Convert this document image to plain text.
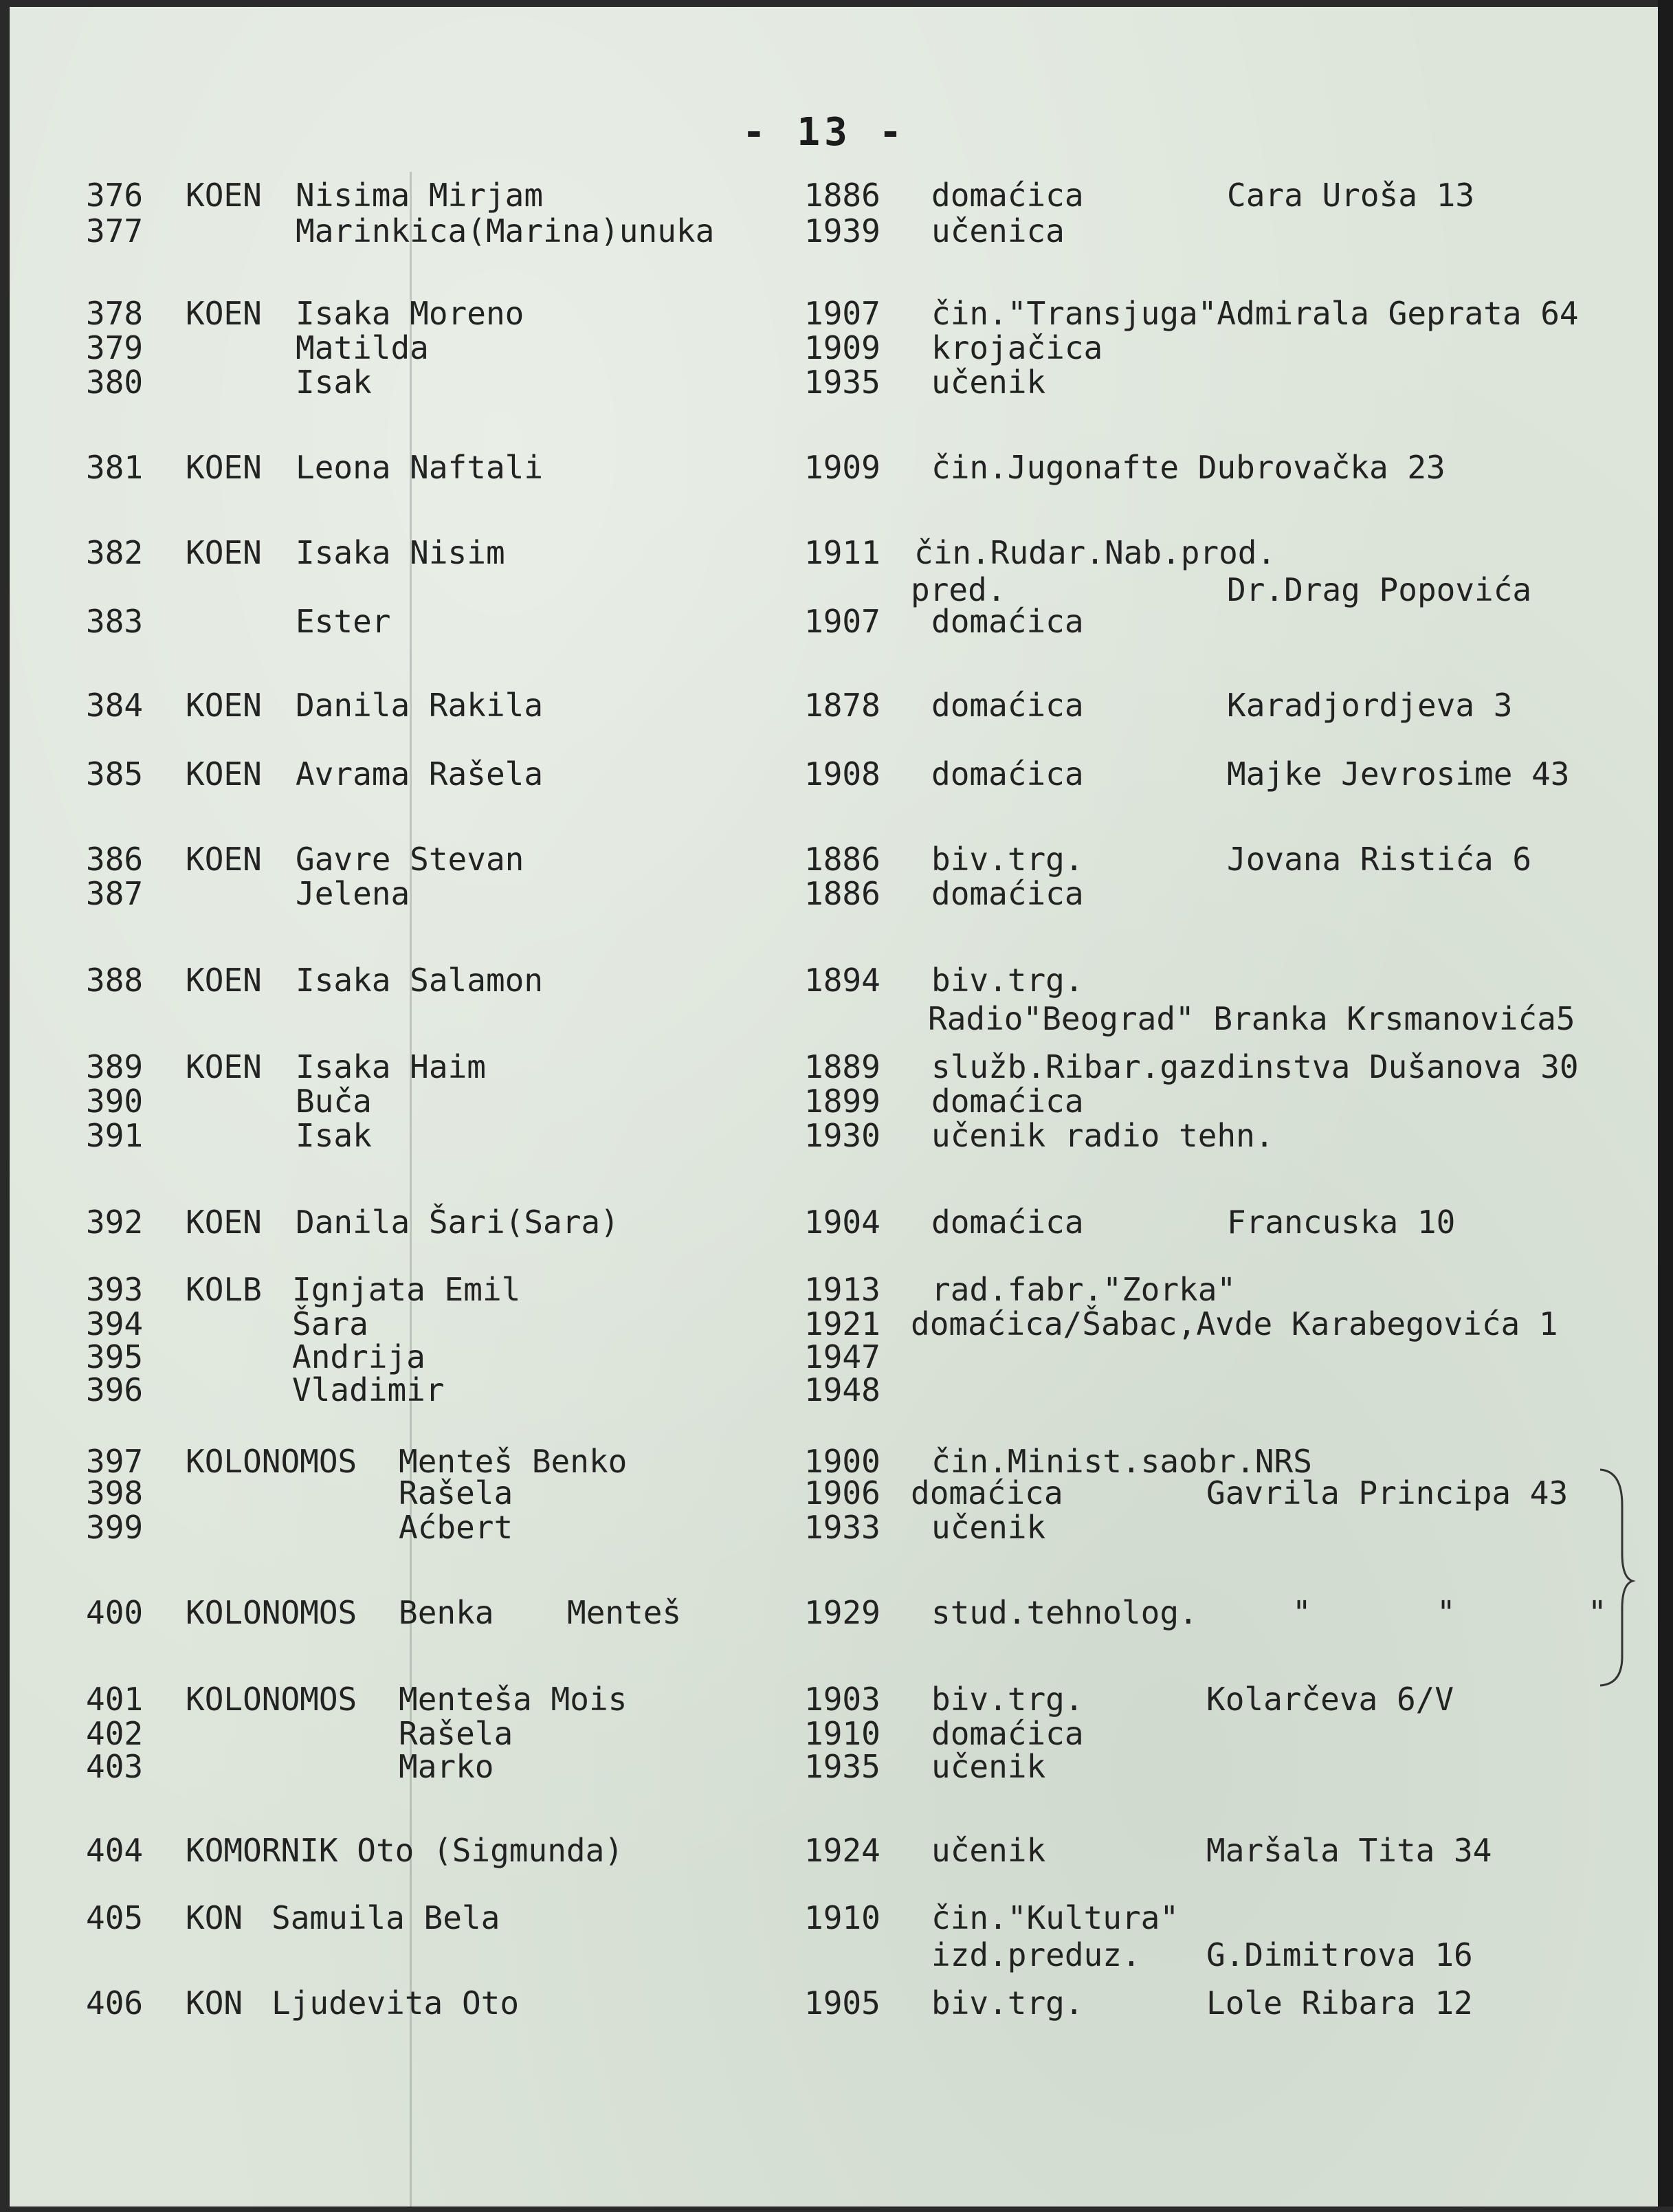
- 13 -
376 KOEN Nisima Mirjam	1886 domaćica	Cara Uroša 13
377	Marinkica(Marina)unuka	1939 učenica
378 KOEN Isaka Moreno	1907 čin."Transjuga"Admirala Geprata 64
379	Matilda	1909 krojačica
380	Isak	1935 učenik
381 KOEN Leona Naftali	1909 čin.Jugonafte Dubrovačka 23
382 KOEN Isaka Nisim	1911 čin.Rudar.Nab.prod.
pred.	Dr.Drag Popovića
383	Ester	1907 domaćica
384 KOEN Danila Rakila	1878 domaćica	Karadjordjeva 3
385 KOEN Avrama Rašela	1908 domaćica	Majke Jevrosime 43
386 KOEN Gavre Stevan	1886 biv.trg.	Jovana Ristića 6
387	Jelena	1886 domaćica
388 KOEN Isaka Salamon	1894 biv.trg.
Radio"Beograd" Branka Krsmanovića5
389 KOEN Isaka Haim	1889 služb.Ribar.gazdinstva Dušanova 30
390	Buča	1899 domaćica
391	Isak	1930 učenik radio tehn.
392 KOEN Danila Šari(Sara)	1904 domaćica	Francuska 10
393 KOLB Ignjata Emil	1913 rad.fabr."Zorka"
394	Šara	1921 domaćica/Šabac,Avde Karabegovića 1
395	Andrija	1947
396	Vladimir	1948
397 KOLONOMOS Menteš Benko	1900 čin.Minist.saobr.NRS
398	Rašela	1906 domaćica	Gavrila Principa 43
399	Aćbert	1933 učenik
400 KOLONOMOS Benka Menteš	1929 stud.tehnolog.	"	"	"
401 KOLONOMOS Menteša Mois	1903 biv.trg.	Kolarčeva 6/V
402	Rašela	1910 domaćica
403	Marko	1935 učenik
404 KOMORNIK Oto (Sigmunda)	1924 učenik	Maršala Tita 34
405 KON Samuila Bela	1910 čin."Kultura"
izd.preduz. G.Dimitrova 16
406 KON Ljudevita Oto	1905 biv.trg.	Lole Ribara 12
